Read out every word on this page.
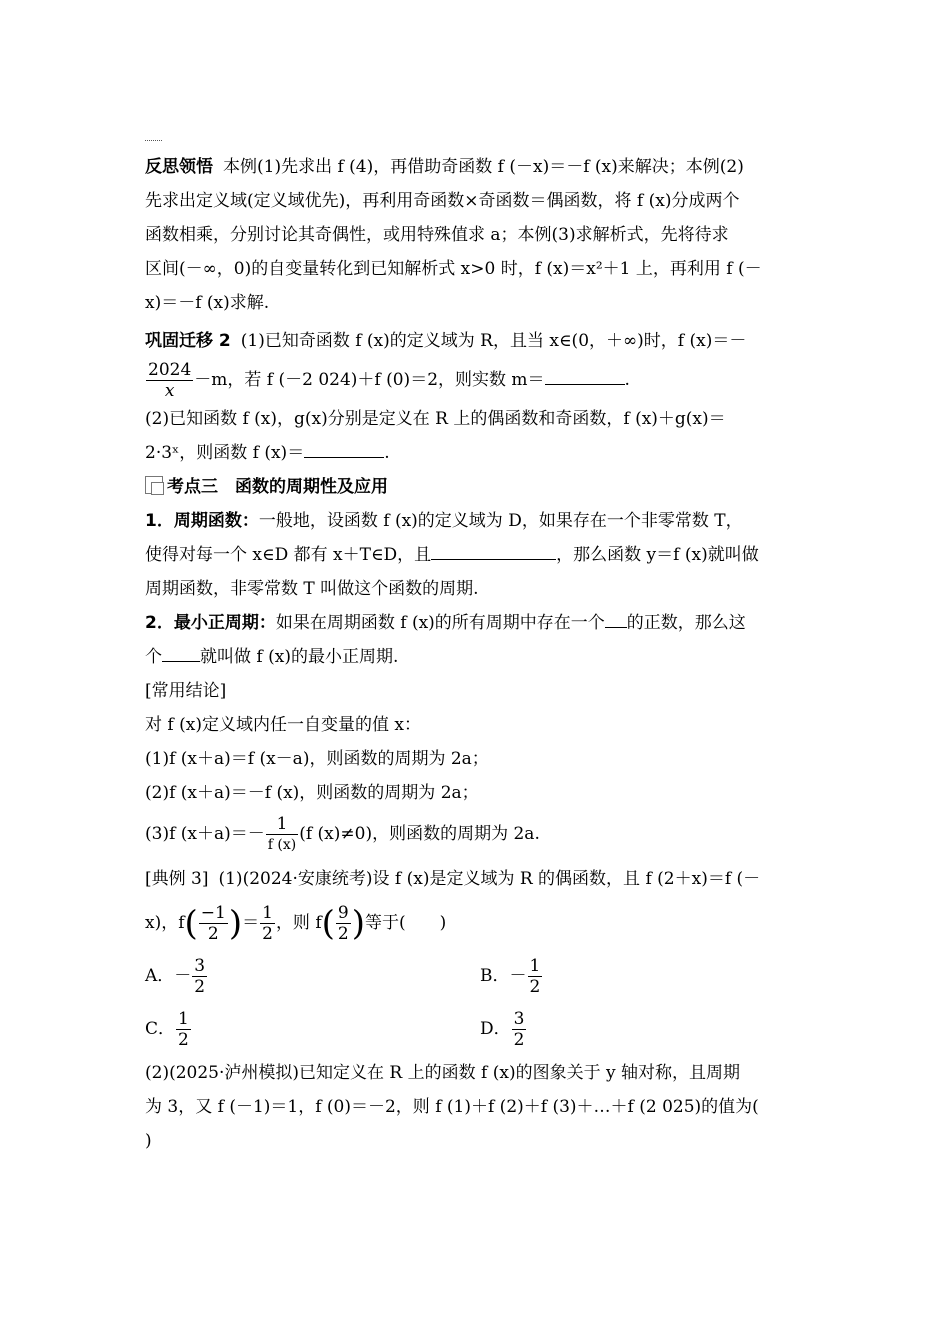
反思领悟 本例(1)先求出 f (4)，再借助奇函数 f (－x)＝－f (x)来解决；本例(2)

先求出定义域(定义域优先)，再利用奇函数×奇函数＝偶函数，将 f (x)分成两个

函数相乘，分别讨论其奇偶性，或用特殊值求 a；本例(3)求解析式，先将待求

区间(－∞，0)的自变量转化到已知解析式 x>0 时，f (x)＝x²＋1 上，再利用 f (－

x)＝－f (x)求解.

巩固迁移 2 (1)已知奇函数 f (x)的定义域为 R，且当 x∈(0，＋∞)时，f (x)＝－

$\frac{2024}{x} -m$，若 f (－2 024)＋f (0)＝2，则实数 m＝	.

(2)已知函数 f (x)，g(x)分别是定义在 R 上的偶函数和奇函数，f (x)＋g(x)＝

2·3ˣ，则函数 f (x)＝	.

考点三　函数的周期性及应用

1．周期函数：一般地，设函数 f (x)的定义域为 D，如果存在一个非零常数 T，

使得对每一个 x∈D 都有 x＋T∈D，且	，那么函数 y＝f (x)就叫做

周期函数，非零常数 T 叫做这个函数的周期.

2．最小正周期：如果在周期函数 f (x)的所有周期中存在一个 的正数，那么这

个 就叫做 f (x)的最小正周期.

[常用结论]

对 f (x)定义域内任一自变量的值 x：

(1)f (x＋a)＝f (x－a)，则函数的周期为 2a；

(2)f (x＋a)＝－f (x)，则函数的周期为 2a；

(3)f $(x+a)=- \frac{1}{f (x)} (f$ (x)≠0)，则函数的周期为 2a.

[典例 3] (1)(2024·安康统考)设 f (x)是定义域为 R 的偶函数，且 f (2＋x)＝f (－

x)，$f( \frac{-1}{2}$ )＝ $\frac{1}{2}$ ，则 $f( \frac{9}{2}$ )等于(　　)

A．－ $\frac{3}{2}$	B．－ $\frac{1}{2}$
C． $\frac{1}{2}$	D． $\frac{3}{2}$

(2)(2025·泸州模拟)已知定义在 R 上的函数 f (x)的图象关于 y 轴对称，且周期

为 3，又 f (－1)＝1，f (0)＝－2，则 f (1)＋f (2)＋f (3)＋…＋f (2 025)的值为(

)
